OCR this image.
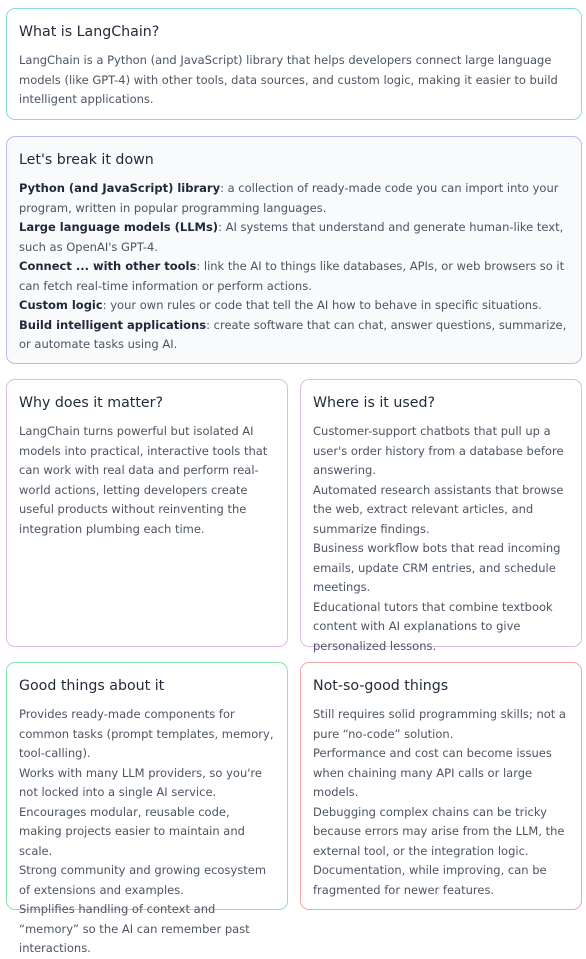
What is LangChain?

LangChain is a Python (and JavaScript) library that helps developers connect large language models (like GPT-4) with other tools, data sources, and custom logic, making it easier to build intelligent applications.

Let's break it down
Python (and JavaScript) library: a collection of ready-made code you can import into your program, written in popular programming languages.
Large language models (LLMs): AI systems that understand and generate human-like text, such as OpenAI's GPT-4.
Connect ... with other tools: link the AI to things like databases, APIs, or web browsers so it can fetch real-time information or perform actions.
Custom logic: your own rules or code that tell the AI how to behave in specific situations.
Build intelligent applications: create software that can chat, answer questions, summarize, or automate tasks using AI.
Why does it matter?

LangChain turns powerful but isolated AI models into practical, interactive tools that can work with real data and perform real-world actions, letting developers create useful products without reinventing the integration plumbing each time.

Where is it used?
Customer-support chatbots that pull up a user's order history from a database before answering.
Automated research assistants that browse the web, extract relevant articles, and summarize findings.
Business workflow bots that read incoming emails, update CRM entries, and schedule meetings.
Educational tutors that combine textbook content with AI explanations to give personalized lessons.
Good things about it
Provides ready-made components for common tasks (prompt templates, memory, tool-calling).
Works with many LLM providers, so you're not locked into a single AI service.
Encourages modular, reusable code, making projects easier to maintain and scale.
Strong community and growing ecosystem of extensions and examples.
Simplifies handling of context and “memory” so the AI can remember past interactions.
Not-so-good things
Still requires solid programming skills; not a pure “no-code” solution.
Performance and cost can become issues when chaining many API calls or large models.
Debugging complex chains can be tricky because errors may arise from the LLM, the external tool, or the integration logic.
Documentation, while improving, can be fragmented for newer features.
